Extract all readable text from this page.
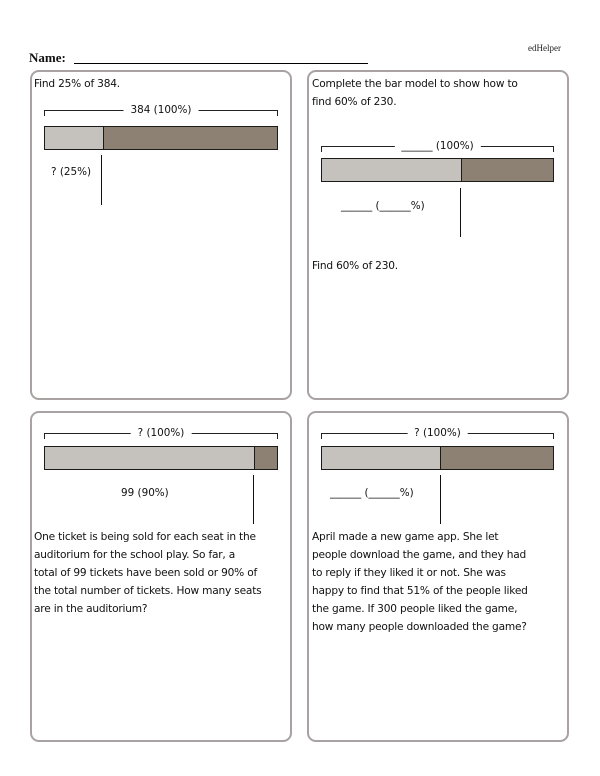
edHelper
Name:
Find 25% of 384.
384 (100%)
? (25%)
Complete the bar model to show how to
find 60% of 230.
______ (100%)
______ (______%)
Find 60% of 230.
? (100%)
99 (90%)
One ticket is being sold for each seat in the
auditorium for the school play. So far, a
total of 99 tickets have been sold or 90% of
the total number of tickets. How many seats
are in the auditorium?
? (100%)
______ (______%)
April made a new game app. She let
people download the game, and they had
to reply if they liked it or not. She was
happy to find that 51% of the people liked
the game. If 300 people liked the game,
how many people downloaded the game?
